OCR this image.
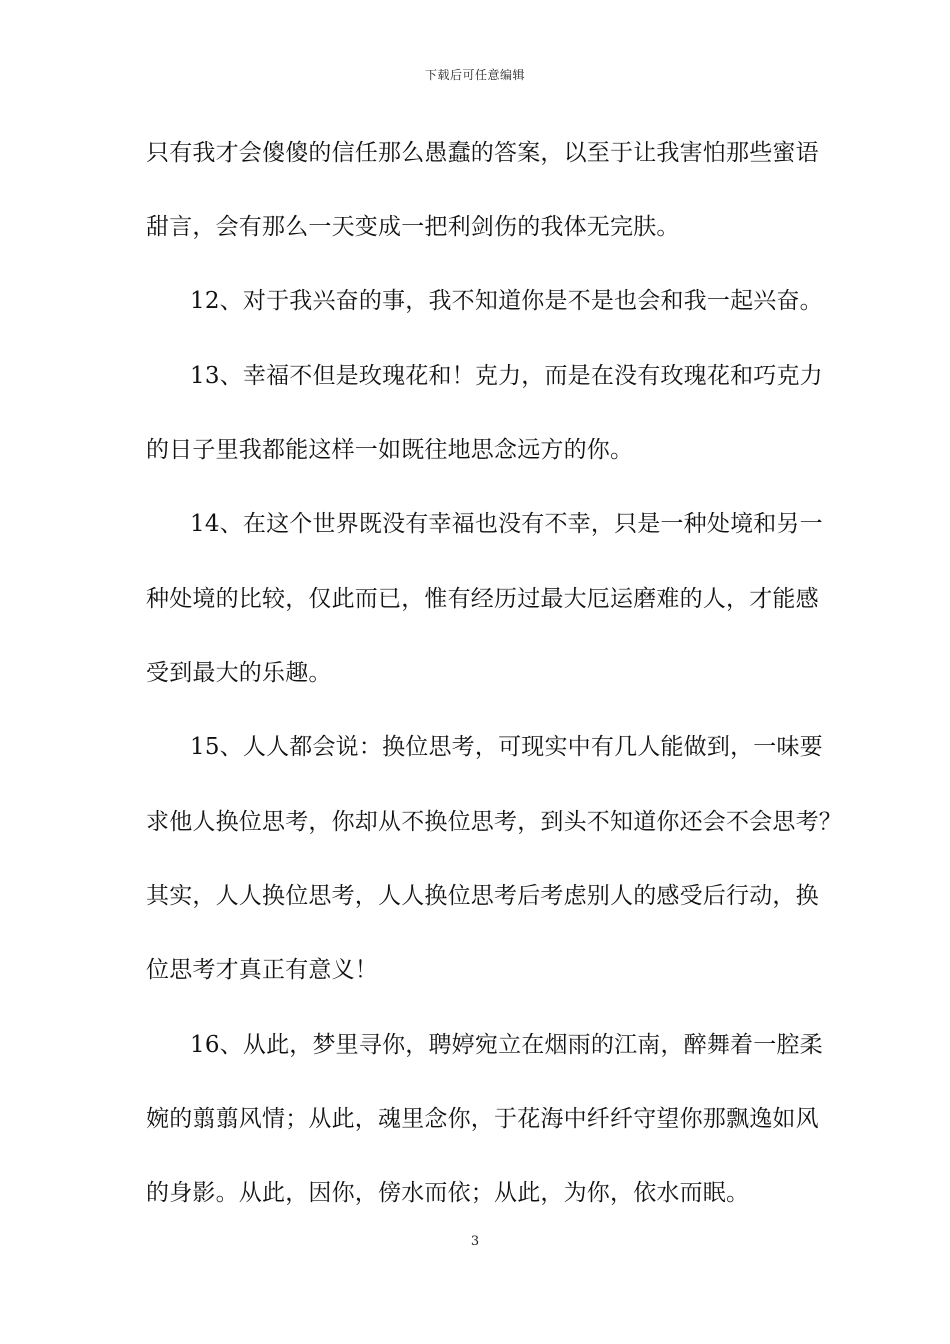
下载后可任意编辑
只有我才会傻傻的信任那么愚蠢的答案，以至于让我害怕那些蜜语
甜言，会有那么一天变成一把利剑伤的我体无完肤。
12、对于我兴奋的事，我不知道你是不是也会和我一起兴奋。
13、幸福不但是玫瑰花和！克力，而是在没有玫瑰花和巧克力
的日子里我都能这样一如既往地思念远方的你。
14、在这个世界既没有幸福也没有不幸，只是一种处境和另一
种处境的比较，仅此而已，惟有经历过最大厄运磨难的人，才能感
受到最大的乐趣。
15、人人都会说：换位思考，可现实中有几人能做到，一味要
求他人换位思考，你却从不换位思考，到头不知道你还会不会思考？
其实，人人换位思考，人人换位思考后考虑别人的感受后行动，换
位思考才真正有意义！
16、从此，梦里寻你，聘婷宛立在烟雨的江南，醉舞着一腔柔
婉的翦翦风情；从此，魂里念你，于花海中纤纤守望你那飘逸如风
的身影。从此，因你，傍水而依；从此，为你，依水而眠。
3
